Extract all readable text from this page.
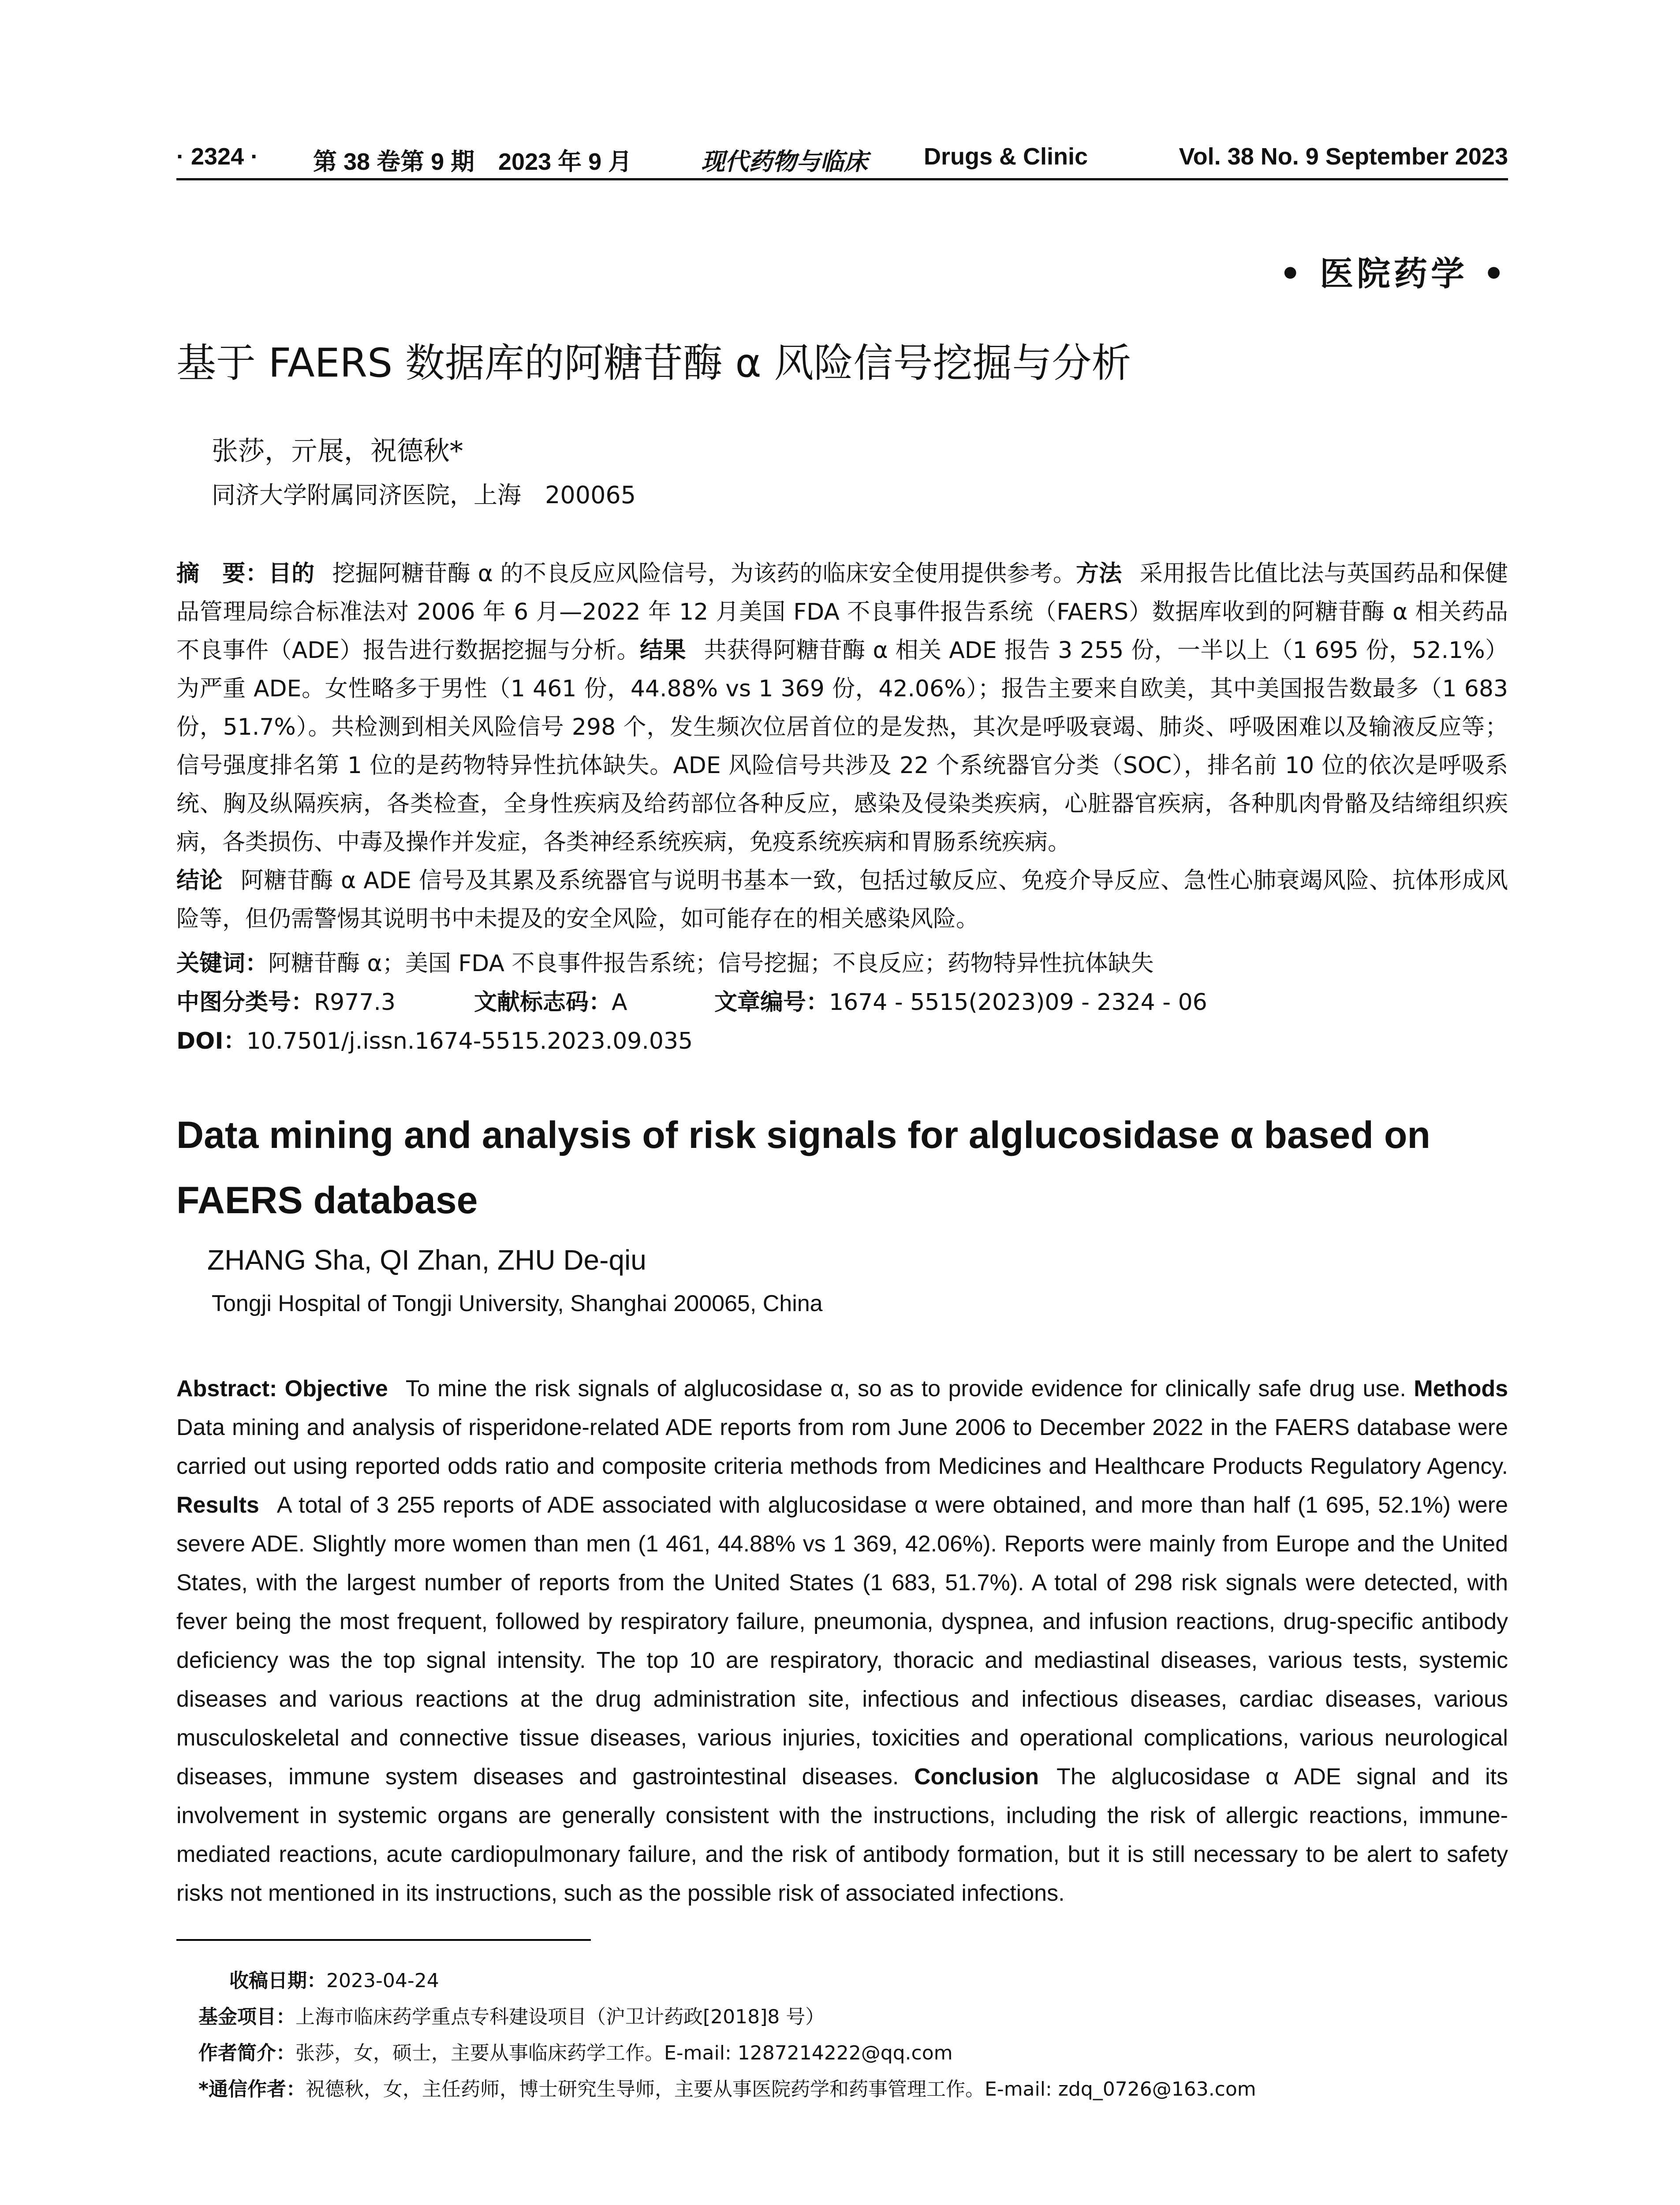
· 2324 · 第 38 卷第 9 期 2023 年 9 月	现代药物与临床 Drugs & Clinic	Vol. 38 No. 9 September 2023
• 医院药学 •
基于 FAERS 数据库的阿糖苷酶 α 风险信号挖掘与分析
张莎，亓展，祝德秋*
同济大学附属同济医院，上海　200065
摘　要：目的 挖掘阿糖苷酶 α 的不良反应风险信号，为该药的临床安全使用提供参考。方法 采用报告比值比法与英国药品和保健品管理局综合标准法对 2006 年 6 月—2022 年 12 月美国 FDA 不良事件报告系统（FAERS）数据库收到的阿糖苷酶 α 相关药品不良事件（ADE）报告进行数据挖掘与分析。结果 共获得阿糖苷酶 α 相关 ADE 报告 3 255 份，一半以上（1 695 份，52.1%）为严重 ADE。女性略多于男性（1 461 份，44.88% vs 1 369 份，42.06%）；报告主要来自欧美，其中美国报告数最多（1 683 份，51.7%）。共检测到相关风险信号 298 个，发生频次位居首位的是发热，其次是呼吸衰竭、肺炎、呼吸困难以及输液反应等；信号强度排名第 1 位的是药物特异性抗体缺失。ADE 风险信号共涉及 22 个系统器官分类（SOC），排名前 10 位的依次是呼吸系统、胸及纵隔疾病，各类检查，全身性疾病及给药部位各种反应，感染及侵染类疾病，心脏器官疾病，各种肌肉骨骼及结缔组织疾病，各类损伤、中毒及操作并发症，各类神经系统疾病，免疫系统疾病和胃肠系统疾病。
结论 阿糖苷酶 α ADE 信号及其累及系统器官与说明书基本一致，包括过敏反应、免疫介导反应、急性心肺衰竭风险、抗体形成风险等，但仍需警惕其说明书中未提及的安全风险，如可能存在的相关感染风险。
关键词：阿糖苷酶 α；美国 FDA 不良事件报告系统；信号挖掘；不良反应；药物特异性抗体缺失
中图分类号：R977.3	文献标志码：A	文章编号：1674 - 5515(2023)09 - 2324 - 06
DOI：10.7501/j.issn.1674-5515.2023.09.035
Data mining and analysis of risk signals for alglucosidase α based on FAERS database
ZHANG Sha, QI Zhan, ZHU De-qiu
Tongji Hospital of Tongji University, Shanghai 200065, China
Abstract: Objective To mine the risk signals of alglucosidase α, so as to provide evidence for clinically safe drug use. Methods Data mining and analysis of risperidone-related ADE reports from rom June 2006 to December 2022 in the FAERS database were carried out using reported odds ratio and composite criteria methods from Medicines and Healthcare Products Regulatory Agency. Results A total of 3 255 reports of ADE associated with alglucosidase α were obtained, and more than half (1 695, 52.1%) were severe ADE. Slightly more women than men (1 461, 44.88% vs 1 369, 42.06%). Reports were mainly from Europe and the United States, with the largest number of reports from the United States (1 683, 51.7%). A total of 298 risk signals were detected, with fever being the most frequent, followed by respiratory failure, pneumonia, dyspnea, and infusion reactions, drug-specific antibody deficiency was the top signal intensity. The top 10 are respiratory, thoracic and mediastinal diseases, various tests, systemic diseases and various reactions at the drug administration site, infectious and infectious diseases, cardiac diseases, various musculoskeletal and connective tissue diseases, various injuries, toxicities and operational complications, various neurological diseases, immune system diseases and gastrointestinal diseases. Conclusion The alglucosidase α ADE signal and its involvement in systemic organs are generally consistent with the instructions, including the risk of allergic reactions, immune-mediated reactions, acute cardiopulmonary failure, and the risk of antibody formation, but it is still necessary to be alert to safety risks not mentioned in its instructions, such as the possible risk of associated infections.
收稿日期：2023-04-24
基金项目：上海市临床药学重点专科建设项目（沪卫计药政[2018]8 号）
作者简介：张莎，女，硕士，主要从事临床药学工作。E-mail: 1287214222@qq.com
*通信作者：祝德秋，女，主任药师，博士研究生导师，主要从事医院药学和药事管理工作。E-mail: zdq_0726@163.com
